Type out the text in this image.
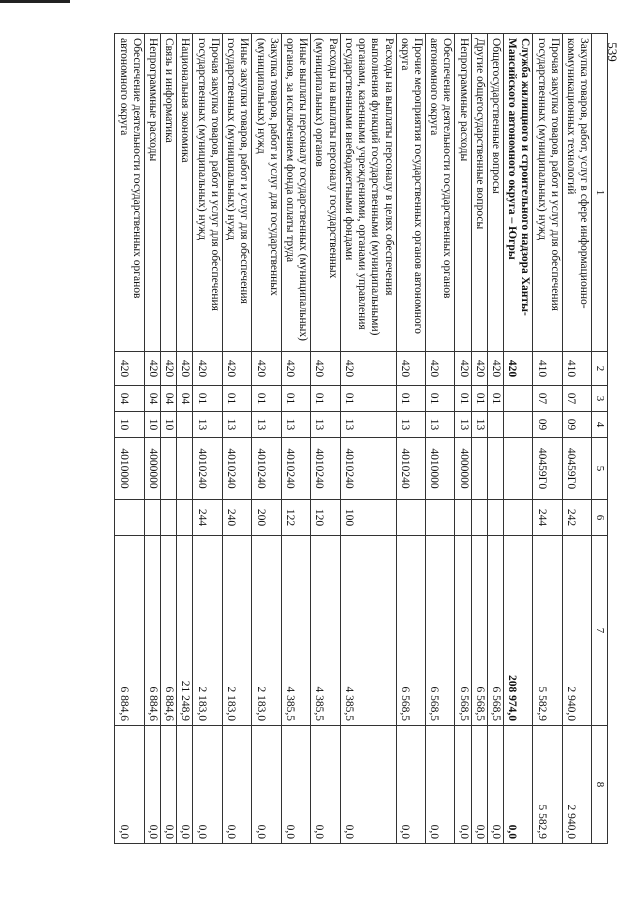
539
1	2	3	4	5	6	7	8
Закупка товаров, работ, услуг в сфере информационно-коммуникационных технологий	410	07	09	40459Г0	242	2 940,0	2 940,0
Прочая закупка товаров, работ и услуг для обеспечения государственных (муниципальных) нужд	410	07	09	40459Г0	244	5 582,9	5 582,9
Служба жилищного и строительного надзора Ханты-Мансийского автономного округа – Югры	420					208 974,0	0,0
Общегосударственные вопросы	420	01				6 568,5	0,0
Другие общегосударственные вопросы	420	01	13			6 568,5	0,0
Непрограммные расходы	420	01	13	4000000		6 568,5	0,0
Обеспечение деятельности государственных органов автономного округа	420	01	13	4010000		6 568,5	0,0
Прочие мероприятия государственных органов автономного округа	420	01	13	4010240		6 568,5	0,0
Расходы на выплаты персоналу в целях обеспечения выполнения функций государственными (муниципальными) органами, казенными учреждениями, органами управления государственными внебюджетными фондами	420	01	13	4010240	100	4 385,5	0,0
Расходы на выплаты персоналу государственных (муниципальных) органов	420	01	13	4010240	120	4 385,5	0,0
Иные выплаты персоналу государственных (муниципальных) органов, за исключением фонда оплаты труда	420	01	13	4010240	122	4 385,5	0,0
Закупка товаров, работ и услуг для государственных (муниципальных) нужд	420	01	13	4010240	200	2 183,0	0,0
Иные закупки товаров, работ и услуг для обеспечения государственных (муниципальных) нужд	420	01	13	4010240	240	2 183,0	0,0
Прочая закупка товаров, работ и услуг для обеспечения государственных (муниципальных) нужд	420	01	13	4010240	244	2 183,0	0,0
Национальная экономика	420	04				21 248,9	0,0
Связь и информатика	420	04	10			6 884,6	0,0
Непрограммные расходы	420	04	10	4000000		6 884,6	0,0
Обеспечение деятельности государственных органов автономного округа	420	04	10	4010000		6 884,6	0,0
